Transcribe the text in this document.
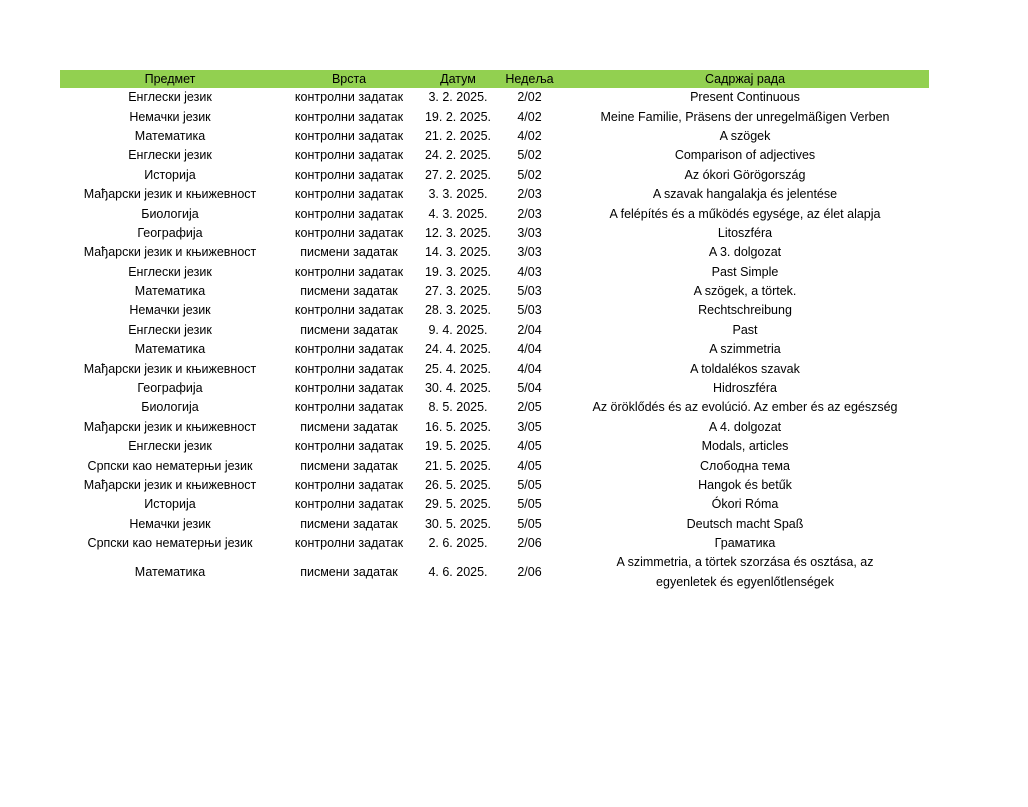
Предмет	Врста	Датум	Недеља	Садржај рада
Енглески језик	контролни задатак	3. 2. 2025.	2/02	Present Continuous
Немачки језик	контролни задатак	19. 2. 2025.	4/02	Meine Familie, Präsens der unregelmäßigen Verben
Математика	контролни задатак	21. 2. 2025.	4/02	A szögek
Енглески језик	контролни задатак	24. 2. 2025.	5/02	Comparison of adjectives
Историја	контролни задатак	27. 2. 2025.	5/02	Az ókori Görögország
Мађарски језик и књижевност	контролни задатак	3. 3. 2025.	2/03	A szavak hangalakja és jelentése
Биологија	контролни задатак	4. 3. 2025.	2/03	A felépítés és a működés egysége, az élet alapja
Географија	контролни задатак	12. 3. 2025.	3/03	Litoszféra
Мађарски језик и књижевност	писмени задатак	14. 3. 2025.	3/03	A 3. dolgozat
Енглески језик	контролни задатак	19. 3. 2025.	4/03	Past Simple
Математика	писмени задатак	27. 3. 2025.	5/03	A szögek, a törtek.
Немачки језик	контролни задатак	28. 3. 2025.	5/03	Rechtschreibung
Енглески језик	писмени задатак	9. 4. 2025.	2/04	Past
Математика	контролни задатак	24. 4. 2025.	4/04	A szimmetria
Мађарски језик и књижевност	контролни задатак	25. 4. 2025.	4/04	A toldalékos szavak
Географија	контролни задатак	30. 4. 2025.	5/04	Hidroszféra
Биологија	контролни задатак	8. 5. 2025.	2/05	Az öröklődés és az evolúció. Az ember és az egészség
Мађарски језик и књижевност	писмени задатак	16. 5. 2025.	3/05	A 4. dolgozat
Енглески језик	контролни задатак	19. 5. 2025.	4/05	Modals, articles
Српски као нематерњи језик	писмени задатак	21. 5. 2025.	4/05	Слободна тема
Мађарски језик и књижевност	контролни задатак	26. 5. 2025.	5/05	Hangok és betűk
Историја	контролни задатак	29. 5. 2025.	5/05	Ókori Róma
Немачки језик	писмени задатак	30. 5. 2025.	5/05	Deutsch macht Spaß
Српски као нематерњи језик	контролни задатак	2. 6. 2025.	2/06	Граматика
Математика	писмени задатак	4. 6. 2025.	2/06	A szimmetria, a törtek szorzása és osztása, az egyenletek és egyenlőtlenségek
